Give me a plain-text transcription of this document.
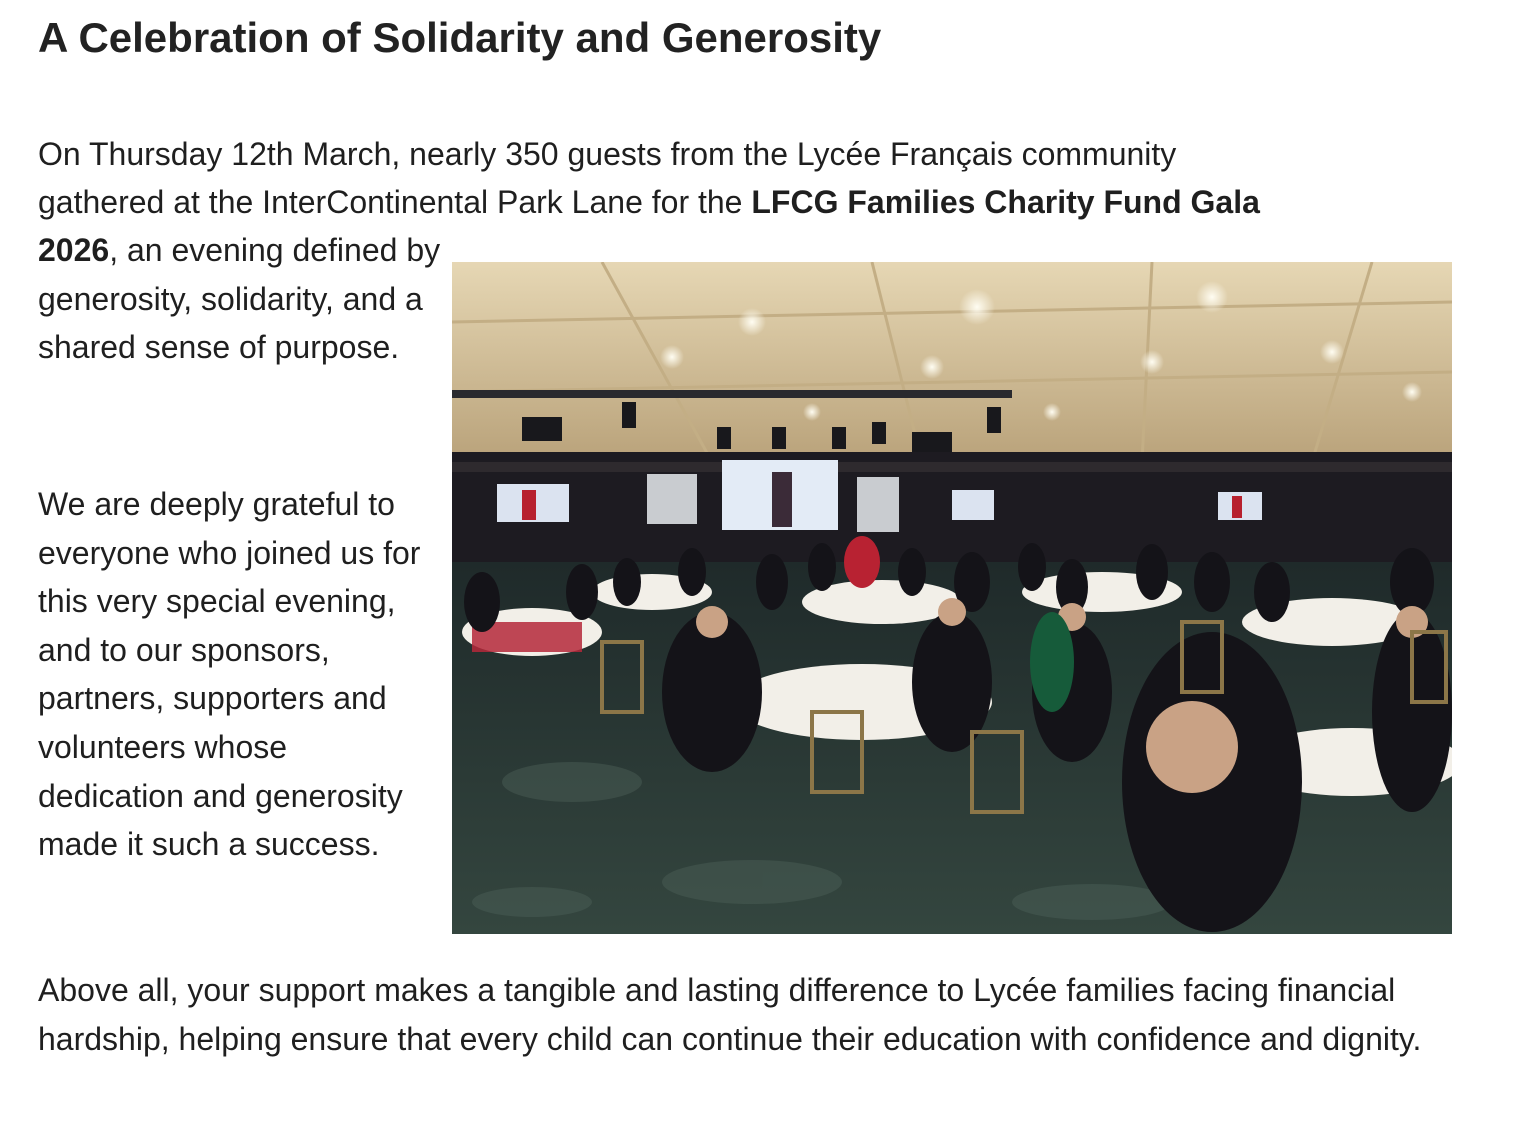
A Celebration of Solidarity and Generosity

On Thursday 12th March, nearly 350 guests from the Lycée Français community

gathered at the InterContinental Park Lane for the LFCG Families Charity Fund Gala

2026, an evening defined by generosity, solidarity, and a shared sense of purpose.

We are deeply grateful to everyone who joined us for this very special evening, and to our sponsors, partners, supporters and volunteers whose dedication and generosity made it such a success.

Above all, your support makes a tangible and lasting difference to Lycée families facing financial hardship, helping ensure that every child can continue their education with confidence and dignity.
